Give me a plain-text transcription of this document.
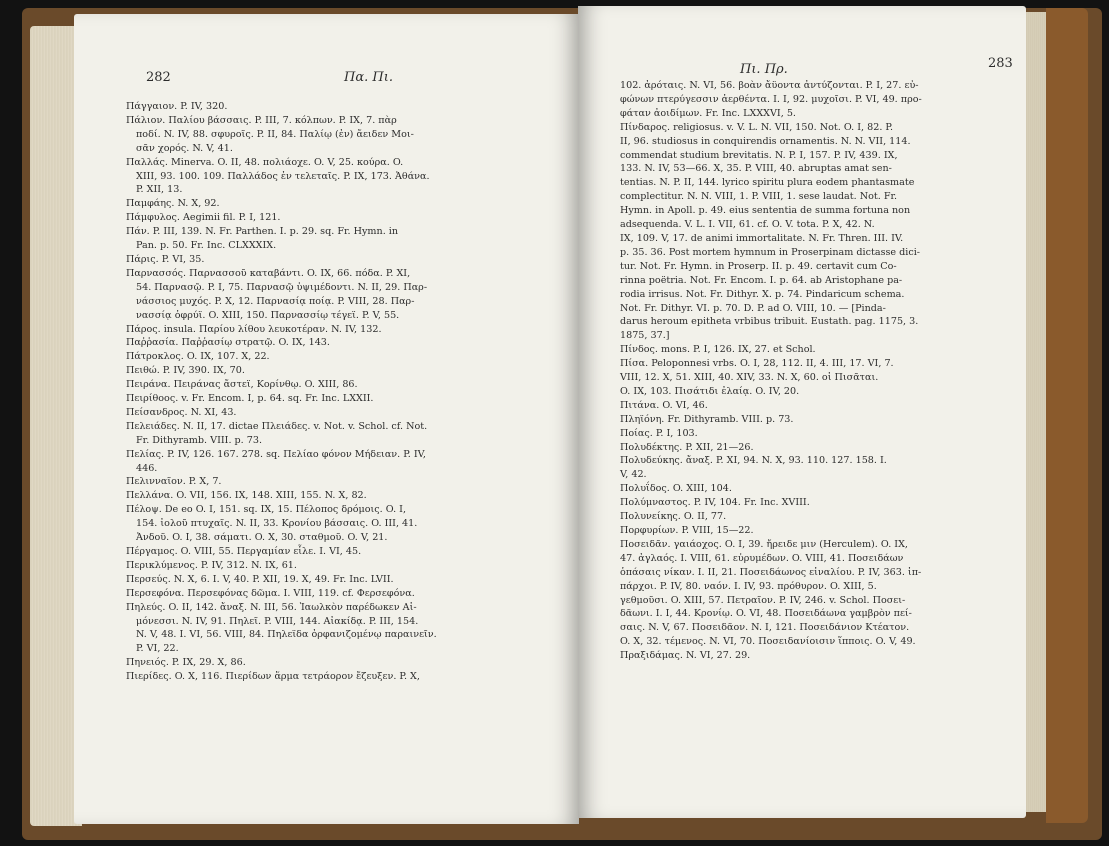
282	Πα. Πι.
Πάγγαιον. P. IV, 320.
Πάλιον. Παλίου βάσσαις. P. III, 7. κόλπων. P. IX, 7. πὰρ
ποδί. N. IV, 88. σφυροῖς. P. II, 84. Παλίῳ (ἐν) ἄειδεν Μοι-
σᾶν χορός. N. V, 41.
Παλλάς. Minerva. O. II, 48. πολιάοχε. O. V, 25. κούρα. O.
XIII, 93. 100. 109. Παλλάδος ἐν τελεταῖς. P. IX, 173. Ἀθάνα.
P. XII, 13.
Παμφάης. N. X, 92.
Πάμφυλος. Aegimii fil. P. I, 121.
Πάν. P. III, 139. N. Fr. Parthen. I. p. 29. sq. Fr. Hymn. in
Pan. p. 50. Fr. Inc. CLXXXIX.
Πάρις. P. VI, 35.
Παρνασσός. Παρνασσοῦ καταβάντι. O. IX, 66. πόδα. P. XI,
54. Παρνασῷ. P. I, 75. Παρνασῷ ὑψιμέδοντι. N. II, 29. Παρ-
νάσσιος μυχός. P. X, 12. Παρνασίᾳ ποίᾳ. P. VIII, 28. Παρ-
νασσίᾳ ὀφρύϊ. O. XIII, 150. Παρνασσίῳ τέγεϊ. P. V, 55.
Πάρος. insula. Παρίου λίθου λευκοτέραν. N. IV, 132.
Παῤῥασία. Παῤῥασίῳ στρατῷ. O. IX, 143.
Πάτροκλος. O. IX, 107. X, 22.
Πειθώ. P. IV, 390. IX, 70.
Πειράνα. Πειράνας ἄστεϊ, Κορίνθῳ. O. XIII, 86.
Πειρίθοος. v. Fr. Encom. I, p. 64. sq. Fr. Inc. LXXII.
Πείσανδρος. N. XI, 43.
Πελειάδες. N. II, 17. dictae Πλειάδες. v. Not. v. Schol. cf. Not.
Fr. Dithyramb. VIII. p. 73.
Πελίας. P. IV, 126. 167. 278. sq. Πελίαο φόνον Μήδειαν. P. IV,
446.
Πελινναῖον. P. X, 7.
Πελλάνα. O. VII, 156. IX, 148. XIII, 155. N. X, 82.
Πέλοψ. De eo O. I, 151. sq. IX, 15. Πέλοπος δρόμοις. O. I,
154. ἰολοῦ πτυχαῖς. N. II, 33. Κρονίου βάσσαις. O. III, 41.
Ἀνδοῦ. O. I, 38. σάματι. O. X, 30. σταθμοῦ. O. V, 21.
Πέργαμος. O. VIII, 55. Περγαμίαν εἷλε. I. VI, 45.
Περικλύμενος. P. IV, 312. N. IX, 61.
Περσεύς. N. X, 6. I. V, 40. P. XII, 19. X, 49. Fr. Inc. LVII.
Περσεφόνα. Περσεφόνας δῶμα. I. VIII, 119. cf. Φερσεφόνα.
Πηλεύς. O. II, 142. ἄναξ. N. III, 56. Ἰαωλκὸν παρέδωκεν Αἱ-
μόνεσσι. N. IV, 91. Πηλεῖ. P. VIII, 144. Αἰακίδᾳ. P. III, 154.
N. V, 48. I. VI, 56. VIII, 84. Πηλεϊδα ὀρφανιζομένῳ παραινεῖν.
P. VI, 22.
Πηνειός. P. IX, 29. X, 86.
Πιερίδες. O. X, 116. Πιερίδων ἅρμα τετράορον ἔζευξεν. P. X,
Πι. Πρ.	283
102. ἀρόταις. N. VI, 56. βοὰν ἄϋοντα ἀντύζονται. P. I, 27. εὐ-
φώνων πτερύγεσσιν ἀερθέντα. I. I, 92. μυχοῖσι. P. VI, 49. προ-
φάταν ἀοιδίμων. Fr. Inc. LXXXVI, 5.
Πίνδαρος. religiosus. v. V. L. N. VII, 150. Not. O. I, 82. P.
II, 96. studiosus in conquirendis ornamentis. N. N. VII, 114.
commendat studium brevitatis. N. P. I, 157. P. IV, 439. IX,
133. N. IV, 53—66. X, 35. P. VIII, 40. abruptas amat sen-
tentias. N. P. II, 144. lyrico spiritu plura eodem phantasmate
complectitur. N. N. VIII, 1. P. VIII, 1. sese laudat. Not. Fr.
Hymn. in Apoll. p. 49. eius sententia de summa fortuna non
adsequenda. V. L. I. VII, 61. cf. O. V. tota. P. X, 42. N.
IX, 109. V, 17. de animi immortalitate. N. Fr. Thren. III. IV.
p. 35. 36. Post mortem hymnum in Proserpinam dictasse dici-
tur. Not. Fr. Hymn. in Proserp. II. p. 49. certavit cum Co-
rinna poëtria. Not. Fr. Encom. I. p. 64. ab Aristophane pa-
rodia irrisus. Not. Fr. Dithyr. X. p. 74. Pindaricum schema.
Not. Fr. Dithyr. VI. p. 70. D. P. ad O. VIII, 10. — [Pinda-
darus heroum epitheta vrbibus tribuit. Eustath. pag. 1175, 3.
1875, 37.]
Πίνδος. mons. P. I, 126. IX, 27. et Schol.
Πίσα. Peloponnesi vrbs. O. I, 28, 112. II, 4. III, 17. VI, 7.
VIII, 12. X, 51. XIII, 40. XIV, 33. N. X, 60. οἱ Πισᾶται.
O. IX, 103. Πισάτιδι ἐλαίᾳ. O. IV, 20.
Πιτάνα. O. VI, 46.
Πληϊόνη. Fr. Dithyramb. VIII. p. 73.
Ποίας. P. I, 103.
Πολυδέκτης. P. XII, 21—26.
Πολυδεύκης. ἄναξ. P. XI, 94. N. X, 93. 110. 127. 158. I.
V, 42.
Πολυΐδος. O. XIII, 104.
Πολύμναστος. P. IV, 104. Fr. Inc. XVIII.
Πολυνείκης. O. II, 77.
Πορφυρίων. P. VIII, 15—22.
Ποσειδᾶν. γαιάοχος. O. I, 39. ἤρειδε μιν (Herculem). O. IX,
47. ἀγλαός. I. VIII, 61. εὐρυμέδων. O. VIII, 41. Ποσειδάων
ὁπάσαις νίκαν. I. II, 21. Ποσειδάωνος εἰναλίου. P. IV, 363. ἱπ-
πάρχοι. P. IV, 80. ναόν. I. IV, 93. πρόθυρον. O. XIII, 5.
γεθμοῦσι. O. XIII, 57. Πετραῖον. P. IV, 246. v. Schol. Ποσει-
δᾶωνι. I. I, 44. Κρονίῳ. O. VI, 48. Ποσειδάωνα γαμβρὸν πεί-
σαις. N. V, 67. Ποσειδᾶον. N. I, 121. Ποσειδάνιον Κτέατον.
O. X, 32. τέμενος. N. VI, 70. Ποσειδανίοισιν ἵπποις. O. V, 49.
Πραξιδάμας. N. VI, 27. 29.
